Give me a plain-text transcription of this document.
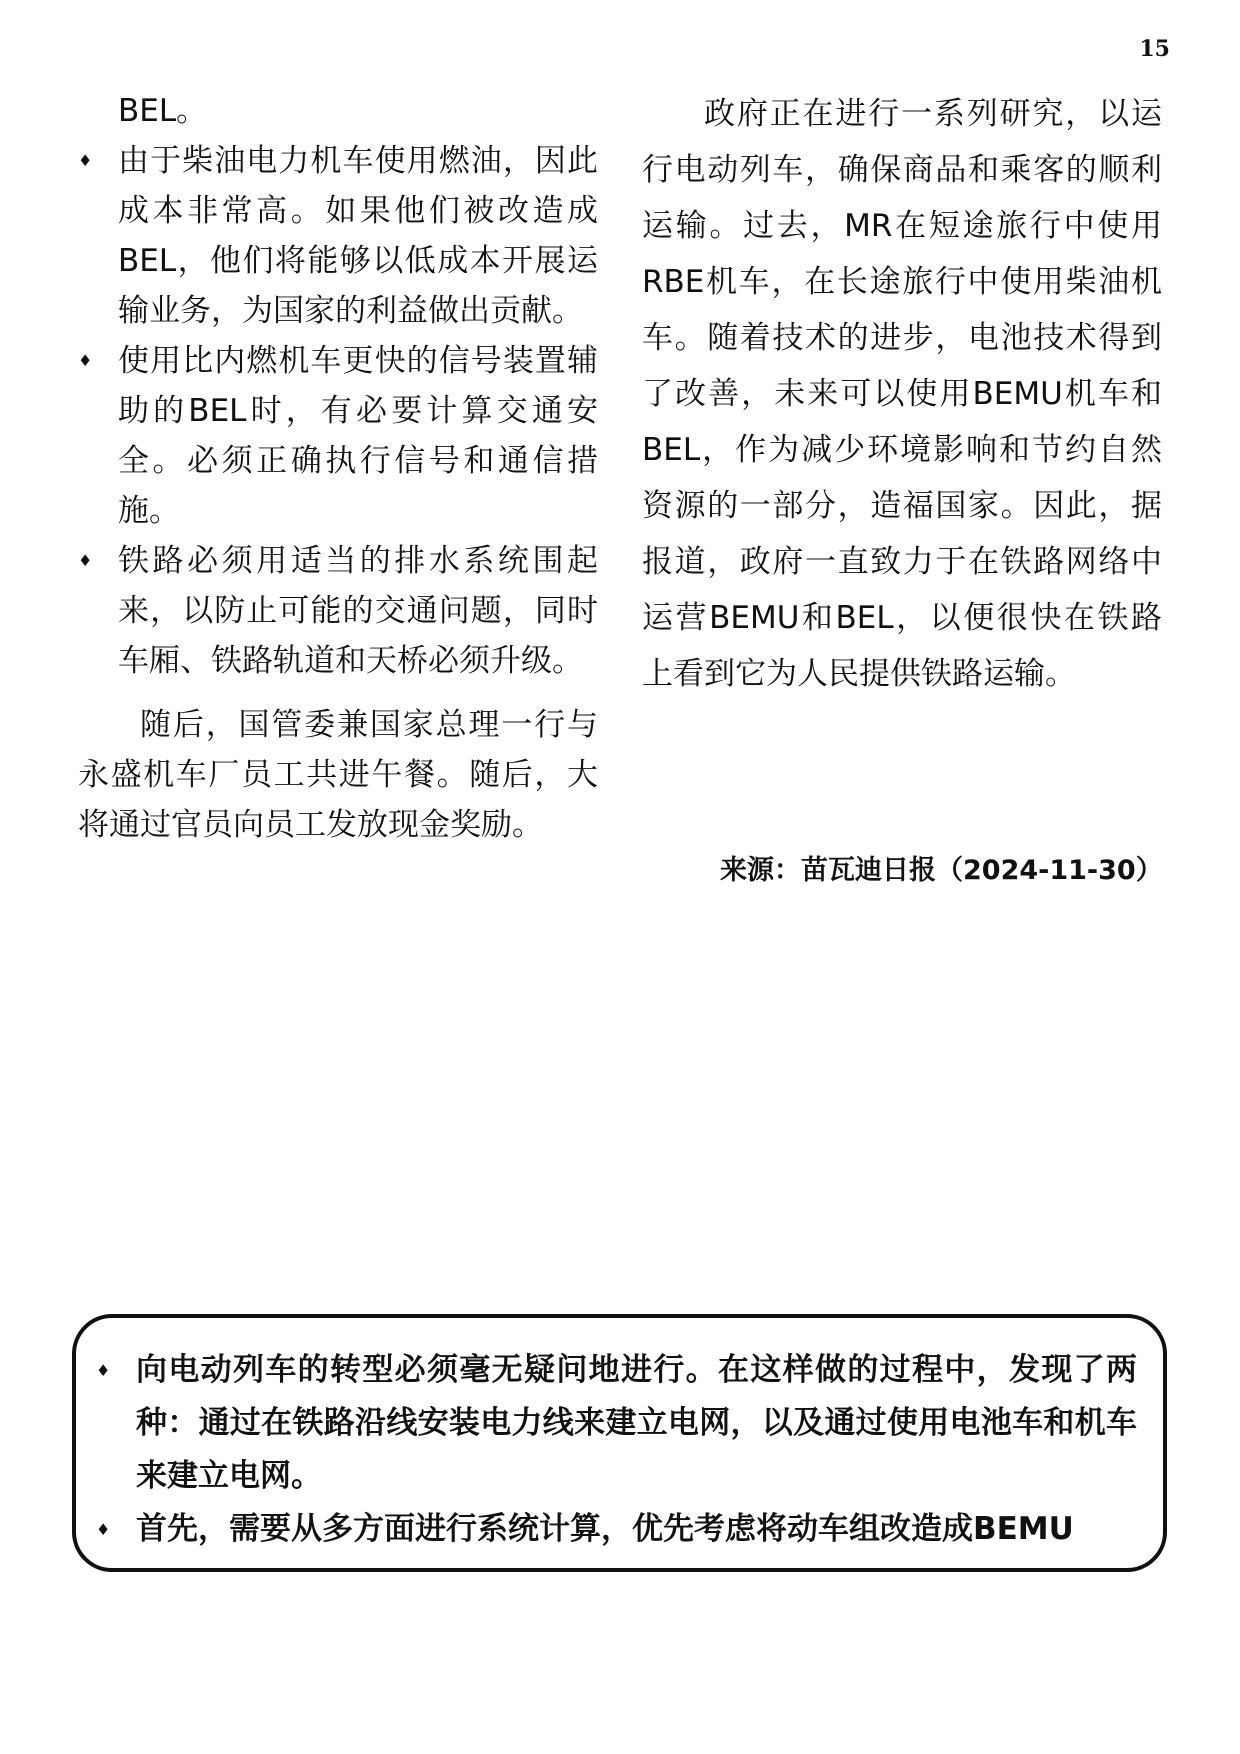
15

BEL。

♦ 由于柴油电力机车使用燃油，因此成本非常高。如果他们被改造成BEL，他们将能够以低成本开展运输业务，为国家的利益做出贡献。
♦ 使用比内燃机车更快的信号装置辅助的BEL时，有必要计算交通安全。必须正确执行信号和通信措施。
♦ 铁路必须用适当的排水系统围起来，以防止可能的交通问题，同时车厢、铁路轨道和天桥必须升级。

随后，国管委兼国家总理一行与永盛机车厂员工共进午餐。随后，大将通过官员向员工发放现金奖励。

政府正在进行一系列研究，以运行电动列车，确保商品和乘客的顺利运输。过去，MR在短途旅行中使用RBE机车，在长途旅行中使用柴油机车。随着技术的进步，电池技术得到了改善，未来可以使用BEMU机车和BEL，作为减少环境影响和节约自然资源的一部分，造福国家。因此，据报道，政府一直致力于在铁路网络中运营BEMU和BEL，以便很快在铁路上看到它为人民提供铁路运输。

来源：苗瓦迪日报（2024-11-30）
♦ 向电动列车的转型必须毫无疑问地进行。在这样做的过程中，发现了两种：通过在铁路沿线安装电力线来建立电网，以及通过使用电池车和机车来建立电网。
♦ 首先，需要从多方面进行系统计算，优先考虑将动车组改造成BEMU
